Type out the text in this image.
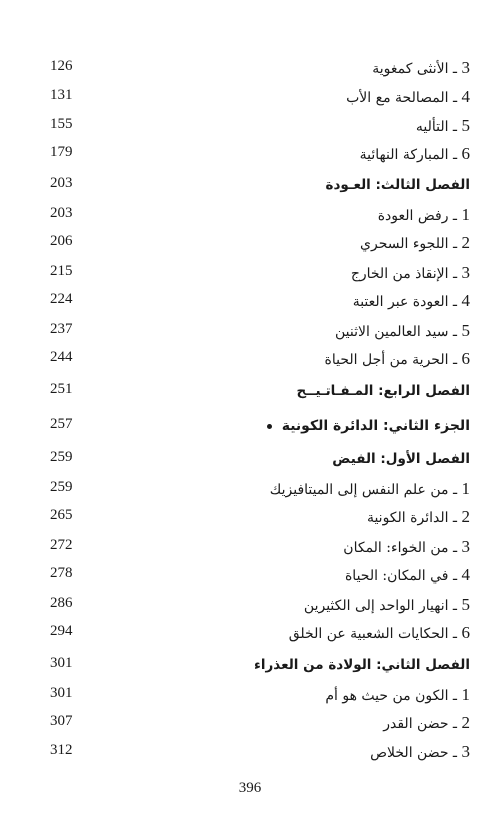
126	3 ـ الأنثى كمغوية
131	4 ـ المصالحة مع الأب
155	5 ـ التأليه
179	6 ـ المباركة النهائية
203	الفصل الثالث: العـودة
203	1 ـ رفض العودة
206	2 ـ اللجوء السحري
215	3 ـ الإنقاذ من الخارج
224	4 ـ العودة عبر العتبة
237	5 ـ سيد العالمين الاثنين
244	6 ـ الحرية من أجل الحياة
251	الفصل الرابع: المـفـاتـيــح
257	الجزء الثاني: الدائرة الكونية
259	الفصل الأول: الفيض
259	1 ـ من علم النفس إلى الميتافيزيك
265	2 ـ الدائرة الكونية
272	3 ـ من الخواء: المكان
278	4 ـ في المكان: الحياة
286	5 ـ انهيار الواحد إلى الكثيرين
294	6 ـ الحكايات الشعبية عن الخلق
301	الفصل الثاني: الولادة من العذراء
301	1 ـ الكون من حيث هو أم
307	2 ـ حضن القدر
312	3 ـ حضن الخلاص
396
